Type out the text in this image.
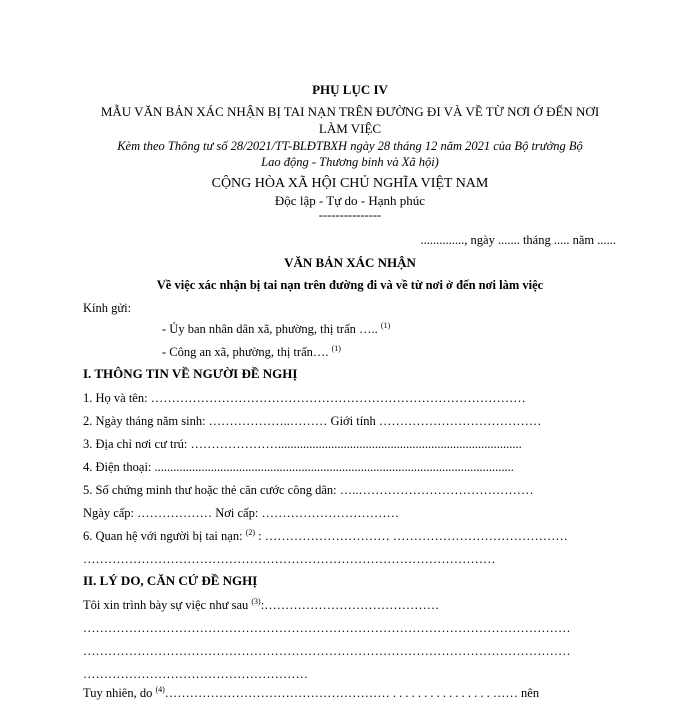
PHỤ LỤC IV
MẪU VĂN BẢN XÁC NHẬN BỊ TAI NẠN TRÊN ĐƯỜNG ĐI VÀ VỀ TỪ NƠI Ở ĐẾN NƠI
LÀM VIỆC
Kèm theo Thông tư số 28/2021/TT-BLĐTBXH ngày 28 tháng 12 năm 2021 của Bộ trưởng Bộ
Lao động - Thương binh và Xã hội)
CỘNG HÒA XÃ HỘI CHỦ NGHĨA VIỆT NAM
Độc lập - Tự do - Hạnh phúc
---------------
.............., ngày ....... tháng ..... năm ......
VĂN BẢN XÁC NHẬN
Về việc xác nhận bị tai nạn trên đường đi và về từ nơi ở đến nơi làm việc
Kính gửi:
- Ủy ban nhân dân xã, phường, thị trấn ….. $^{(1)}$
- Công an xã, phường, thị trấn…. $^{(1)}$
I. THÔNG TIN VỀ NGƯỜI ĐỀ NGHỊ
1. Họ và tên: ………………………………………………………………………………
2. Ngày tháng năm sinh: ………………..……… Giới tính …………………………………
3. Địa chỉ nơi cư trú: …………………..............................................................................
4. Điện thoại: ...................................................................................................................
5. Số chứng minh thư hoặc thẻ căn cước công dân: …..……………………………………
Ngày cấp: ……………… Nơi cấp: ……………………………
6. Quan hệ với người bị tai nạn: $^{(2)}$ : ………………………… ……………………………………
………………………………………………………………………………………
II. LÝ DO, CĂN CỨ ĐỀ NGHỊ
Tôi xin trình bày sự việc như sau $^{(3)}$:……………………………………
………………………………………………………………………………………………………
………………………………………………………………………………………………………
………………………………………………
Tuy nhiên, do $^{(4)}$……………………………………………… . . . . . . . . . . . . . . . . …… nên
